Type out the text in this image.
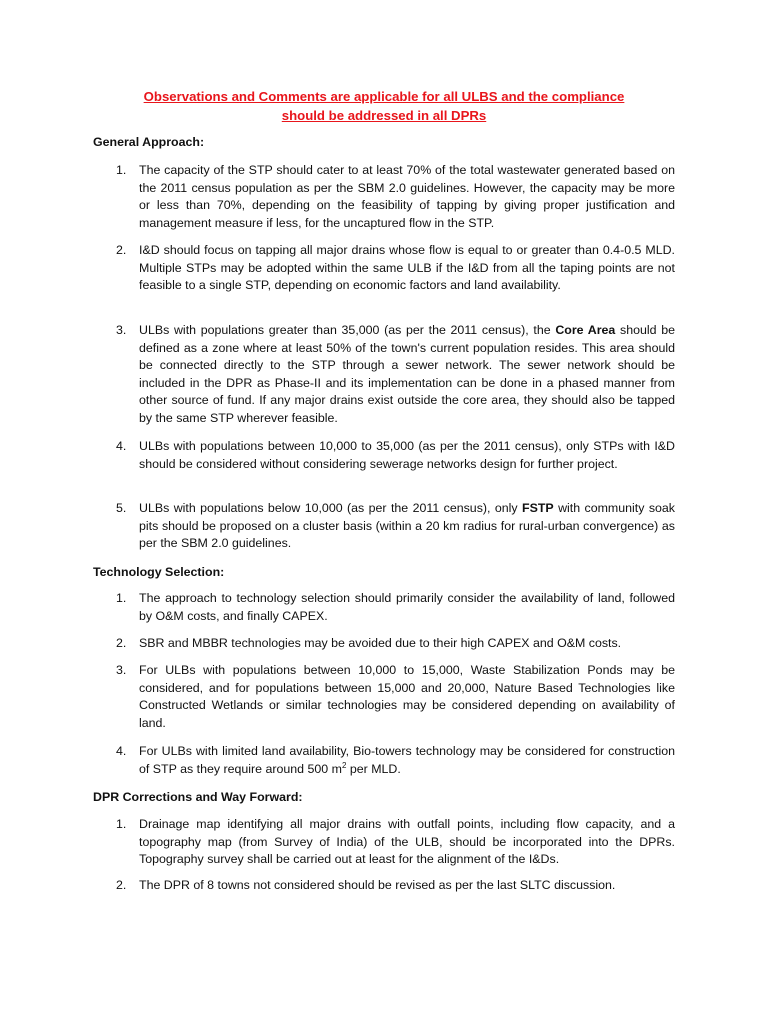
Observations and Comments are applicable for all ULBS and the compliance
should be addressed in all DPRs
General Approach:
1. The capacity of the STP should cater to at least 70% of the total wastewater generated based on the 2011 census population as per the SBM 2.0 guidelines. However, the capacity may be more or less than 70%, depending on the feasibility of tapping by giving proper justification and management measure if less, for the uncaptured flow in the STP.
2. I&D should focus on tapping all major drains whose flow is equal to or greater than 0.4-0.5 MLD. Multiple STPs may be adopted within the same ULB if the I&D from all the taping points are not feasible to a single STP, depending on economic factors and land availability.
3. ULBs with populations greater than 35,000 (as per the 2011 census), the Core Area should be defined as a zone where at least 50% of the town's current population resides. This area should be connected directly to the STP through a sewer network. The sewer network should be included in the DPR as Phase-II and its implementation can be done in a phased manner from other source of fund. If any major drains exist outside the core area, they should also be tapped by the same STP wherever feasible.
4. ULBs with populations between 10,000 to 35,000 (as per the 2011 census), only STPs with I&D should be considered without considering sewerage networks design for further project.
5. ULBs with populations below 10,000 (as per the 2011 census), only FSTP with community soak pits should be proposed on a cluster basis (within a 20 km radius for rural-urban convergence) as per the SBM 2.0 guidelines.
Technology Selection:
1. The approach to technology selection should primarily consider the availability of land, followed by O&M costs, and finally CAPEX.
2. SBR and MBBR technologies may be avoided due to their high CAPEX and O&M costs.
3. For ULBs with populations between 10,000 to 15,000, Waste Stabilization Ponds may be considered, and for populations between 15,000 and 20,000, Nature Based Technologies like Constructed Wetlands or similar technologies may be considered depending on availability of land.
4. For ULBs with limited land availability, Bio-towers technology may be considered for construction of STP as they require around 500 $m^2$ per MLD.
DPR Corrections and Way Forward:
1. Drainage map identifying all major drains with outfall points, including flow capacity, and a topography map (from Survey of India) of the ULB, should be incorporated into the DPRs. Topography survey shall be carried out at least for the alignment of the I&Ds.
2. The DPR of 8 towns not considered should be revised as per the last SLTC discussion.
